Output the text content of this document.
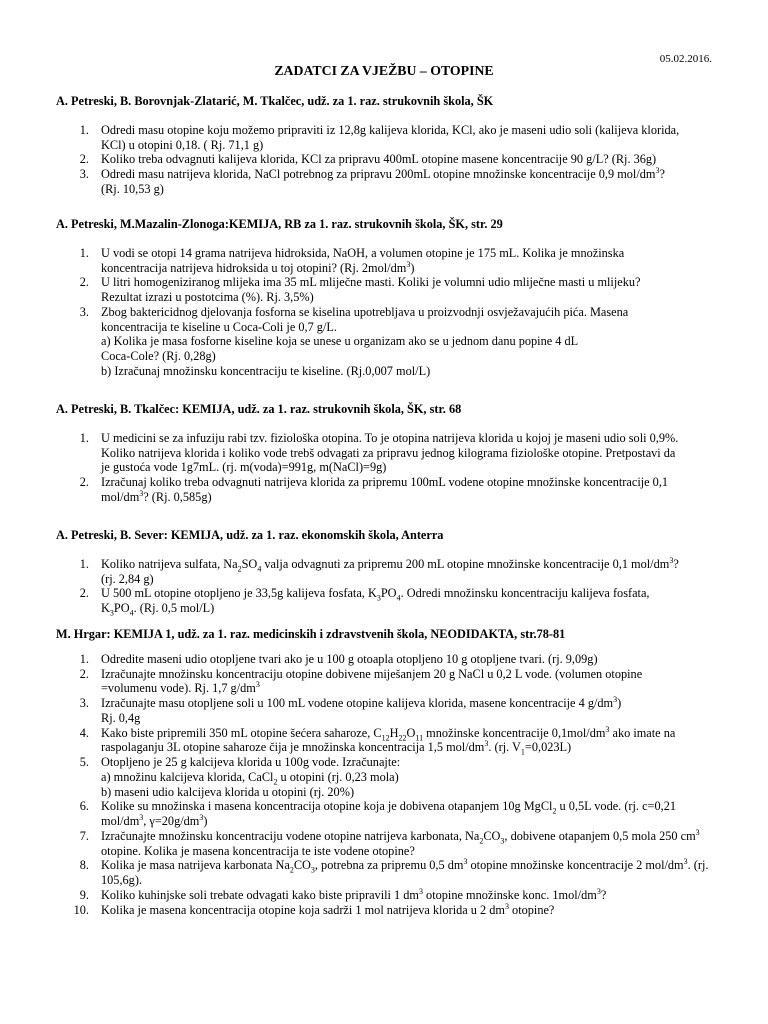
05.02.2016.
ZADATCI ZA VJEŽBU – OTOPINE
A. Petreski, B. Borovnjak-Zlatarić, M. Tkalčec, udž. za 1. raz. strukovnih škola, ŠK
1. Odredi masu otopine koju možemo pripraviti iz 12,8g kalijeva klorida, KCl, ako je maseni udio soli (kalijeva klorida,
KCl) u otopini 0,18. ( Rj. 71,1 g)
2. Koliko treba odvagnuti kalijeva klorida, KCl za pripravu 400mL otopine masene koncentracije 90 g/L? (Rj. 36g)
3. Odredi masu natrijeva klorida, NaCl potrebnog za pripravu 200mL otopine množinske koncentracije 0,9 mol/$dm^3$?
(Rj. 10,53 g)
A. Petreski, M.Mazalin-Zlonoga:KEMIJA, RB za 1. raz. strukovnih škola, ŠK, str. 29
1. U vodi se otopi 14 grama natrijeva hidroksida, NaOH, a volumen otopine je 175 mL. Kolika je množinska
koncentracija natrijeva hidroksida u toj otopini? (Rj. $2mol/dm^3$)
2. U litri homogeniziranog mlijeka ima 35 mL mliječne masti. Koliki je volumni udio mliječne masti u mlijeku?
Rezultat izrazi u postotcima (%). Rj. 3,5%)
3. Zbog baktericidnog djelovanja fosforna se kiselina upotrebljava u proizvodnji osvježavajućih pića. Masena
koncentracija te kiseline u Coca-Coli je 0,7 g/L.
a) Kolika je masa fosforne kiseline koja se unese u organizam ako se u jednom danu popine 4 dL
Coca-Cole? (Rj. 0,28g)
b) Izračunaj množinsku koncentraciju te kiseline. (Rj.0,007 mol/L)
A. Petreski, B. Tkalčec: KEMIJA, udž. za 1. raz. strukovnih škola, ŠK, str. 68
1. U medicini se za infuziju rabi tzv. fiziološka otopina. To je otopina natrijeva klorida u kojoj je maseni udio soli 0,9%.
Koliko natrijeva klorida i koliko vode trebš odvagati za pripravu jednog kilograma fiziološke otopine. Pretpostavi da
je gustoća vode 1g7mL. (rj. m(voda)=991g, m(NaCl)=9g)
2. Izračunaj koliko treba odvagnuti natrijeva klorida za pripremu 100mL vodene otopine množinske koncentracije 0,1
mol/$dm^3$? (Rj. 0,585g)
A. Petreski, B. Sever: KEMIJA, udž. za 1. raz. ekonomskih škola, Anterra
1. Koliko natrijeva sulfata, $Na_2SO_4$ valja odvagnuti za pripremu 200 mL otopine množinske koncentracije 0,1 mol/$dm^3$?
(rj. 2,84 g)
2. U 500 mL otopine otopljeno je 33,5g kalijeva fosfata, $K_3PO_4$. Odredi množinsku koncentraciju kalijeva fosfata,
$K_3PO_4$. (Rj. 0,5 mol/L)
M. Hrgar: KEMIJA 1, udž. za 1. raz. medicinskih i zdravstvenih škola, NEODIDAKTA, str.78-81
1. Odredite maseni udio otopljene tvari ako je u 100 g otoapla otopljeno 10 g otopljene tvari. (rj. 9,09g)
2. Izračunajte množinsku koncentraciju otopine dobivene miješanjem 20 g NaCl u 0,2 L vode. (volumen otopine
=volumenu vode). Rj. 1,7 $g/dm^3$
3. Izračunajte masu otopljene soli u 100 mL vodene otopine kalijeva klorida, masene koncentracije 4 $g/dm^3$)
Rj. 0,4g
4. Kako biste pripremili 350 mL otopine šećera saharoze, $C_{12}H_{22}O_{11}$ množinske koncentracije $0,1mol/dm^3$ ako imate na
raspolaganju 3L otopine saharoze čija je množinska koncentracija 1,5 mol/$dm^3$. (rj. $V_1=0,023L$)
5. Otopljeno je 25 g kalcijeva klorida u 100g vode. Izračunajte:
a) množinu kalcijeva klorida, CaCl$_2$ u otopini (rj. 0,23 mola)
b) maseni udio kalcijeva klorida u otopini (rj. 20%)
6. Kolike su množinska i masena koncentracija otopine koja je dobivena otapanjem 10g MgCl$_2$ u 0,5L vode. (rj. c=0,21
mol/$dm^3$, $\gamma=20g/dm^3$)
7. Izračunajte množinsku koncentraciju vodene otopine natrijeva karbonata, $Na_2CO_3$, dobivene otapanjem 0,5 mola 250 $cm^3$
otopine. Kolika je masena koncentracija te iste vodene otopine?
8. Kolika je masa natrijeva karbonata $Na_2CO_3$, potrebna za pripremu 0,5 $dm^3$ otopine množinske koncentracije 2 mol/$dm^3$. (rj.
105,6g).
9. Koliko kuhinjske soli trebate odvagati kako biste pripravili 1 $dm^3$ otopine množinske konc. $1mol/dm^3$?
10. Kolika je masena koncentracija otopine koja sadrži 1 mol natrijeva klorida u 2 $dm^3$ otopine?
